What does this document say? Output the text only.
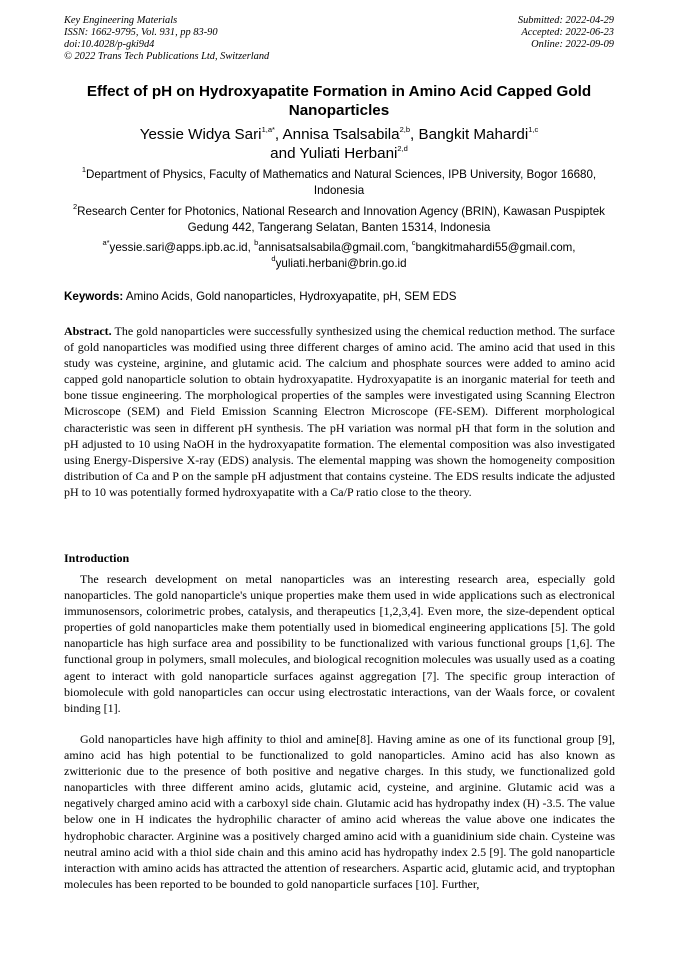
Key Engineering Materials
ISSN: 1662-9795, Vol. 931, pp 83-90
doi:10.4028/p-gki9d4
© 2022 Trans Tech Publications Ltd, Switzerland
Submitted: 2022-04-29
Accepted: 2022-06-23
Online: 2022-09-09
Effect of pH on Hydroxyapatite Formation in Amino Acid Capped Gold Nanoparticles
Yessie Widya Sari$^{1,a*}$, Annisa Tsalsabila$^{2,b}$, Bangkit Mahardi$^{1,c}$
and Yuliati Herbani$^{2,d}$
$^1$Department of Physics, Faculty of Mathematics and Natural Sciences, IPB University, Bogor 16680, Indonesia
$^2$Research Center for Photonics, National Research and Innovation Agency (BRIN), Kawasan Puspiptek Gedung 442, Tangerang Selatan, Banten 15314, Indonesia
$^{a*}$yessie.sari@apps.ipb.ac.id, $^b$annisatsalsabila@gmail.com, $^c$bangkitmahardi55@gmail.com,
$^d$yuliati.herbani@brin.go.id
Keywords: Amino Acids, Gold nanoparticles, Hydroxyapatite, pH, SEM EDS
Abstract. The gold nanoparticles were successfully synthesized using the chemical reduction method. The surface of gold nanoparticles was modified using three different charges of amino acid. The amino acid that used in this study was cysteine, arginine, and glutamic acid. The calcium and phosphate sources were added to amino acid capped gold nanoparticle solution to obtain hydroxyapatite. Hydroxyapatite is an inorganic material for teeth and bone tissue engineering. The morphological properties of the samples were investigated using Scanning Electron Microscope (SEM) and Field Emission Scanning Electron Microscope (FE-SEM). Different morphological characteristic was seen in different pH synthesis. The pH variation was normal pH that form in the solution and pH adjusted to 10 using NaOH in the hydroxyapatite formation. The elemental composition was also investigated using Energy-Dispersive X-ray (EDS) analysis. The elemental mapping was shown the homogeneity composition distribution of Ca and P on the sample pH adjustment that contains cysteine. The EDS results indicate the adjusted pH to 10 was potentially formed hydroxyapatite with a Ca/P ratio close to the theory.
Introduction
The research development on metal nanoparticles was an interesting research area, especially gold nanoparticles. The gold nanoparticle's unique properties make them used in wide applications such as electronical immunosensors, colorimetric probes, catalysis, and therapeutics [1,2,3,4]. Even more, the size-dependent optical properties of gold nanoparticles make them potentially used in biomedical engineering applications [5]. The gold nanoparticle has high surface area and possibility to be functionalized with various functional groups [1,6]. The functional group in polymers, small molecules, and biological recognition molecules was usually used as a coating agent to interact with gold nanoparticle surfaces against aggregation [7]. The specific group interaction of biomolecule with gold nanoparticles can occur using electrostatic interactions, van der Waals force, or covalent binding [1].
Gold nanoparticles have high affinity to thiol and amine[8]. Having amine as one of its functional group [9], amino acid has high potential to be functionalized to gold nanoparticles. Amino acid has also known as zwitterionic due to the presence of both positive and negative charges. In this study, we functionalized gold nanoparticles with three different amino acids, glutamic acid, cysteine, and arginine. Glutamic acid was a negatively charged amino acid with a carboxyl side chain. Glutamic acid has hydropathy index (H) -3.5. The value below one in H indicates the hydrophilic character of amino acid whereas the value above one indicates the hydrophobic character. Arginine was a positively charged amino acid with a guanidinium side chain. Cysteine was neutral amino acid with a thiol side chain and this amino acid has hydropathy index 2.5 [9]. The gold nanoparticle interaction with amino acids has attracted the attention of researchers. Aspartic acid, glutamic acid, and tryptophan molecules has been reported to be bounded to gold nanoparticle surfaces [10]. Further,
